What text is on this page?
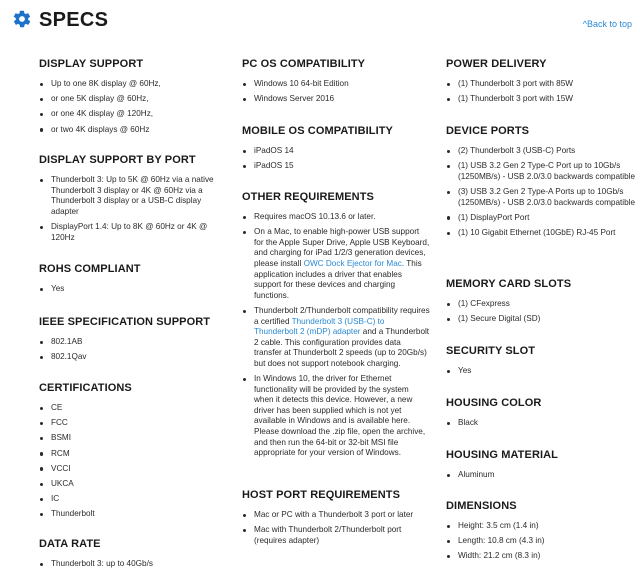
SPECS	^Back to top
DISPLAY SUPPORT
Up to one 8K display @ 60Hz,
or one 5K display @ 60Hz,
or one 4K display @ 120Hz,
or two 4K displays @ 60Hz
DISPLAY SUPPORT BY PORT
Thunderbolt 3: Up to 5K @ 60Hz via a native Thunderbolt 3 display or 4K @ 60Hz via a Thunderbolt 3 display or a USB-C display adapter
DisplayPort 1.4: Up to 8K @ 60Hz or 4K @ 120Hz
ROHS COMPLIANT
Yes
IEEE SPECIFICATION SUPPORT
802.1AB
802.1Qav
CERTIFICATIONS
CE
FCC
BSMI
RCM
VCCI
UKCA
IC
Thunderbolt
DATA RATE
Thunderbolt 3: up to 40Gb/s
PC OS COMPATIBILITY
Windows 10 64-bit Edition
Windows Server 2016
MOBILE OS COMPATIBILITY
iPadOS 14
iPadOS 15
OTHER REQUIREMENTS
Requires macOS 10.13.6 or later.
On a Mac, to enable high-power USB support for the Apple Super Drive, Apple USB Keyboard, and charging for iPad 1/2/3 generation devices, please install OWC Dock Ejector for Mac. This application includes a driver that enables support for these devices and charging functions.
Thunderbolt 2/Thunderbolt compatibility requires a certified Thunderbolt 3 (USB-C) to Thunderbolt 2 (mDP) adapter and a Thunderbolt 2 cable. This configuration provides data transfer at Thunderbolt 2 speeds (up to 20Gb/s) but does not support notebook charging.
In Windows 10, the driver for Ethernet functionality will be provided by the system when it detects this device. However, a new driver has been supplied which is not yet available in Windows and is available here. Please download the .zip file, open the archive, and then run the 64-bit or 32-bit MSI file appropriate for your version of Windows.
HOST PORT REQUIREMENTS
Mac or PC with a Thunderbolt 3 port or later
Mac with Thunderbolt 2/Thunderbolt port (requires adapter)
POWER DELIVERY
(1) Thunderbolt 3 port with 85W
(1) Thunderbolt 3 port with 15W
DEVICE PORTS
(2) Thunderbolt 3 (USB-C) Ports
(1) USB 3.2 Gen 2 Type-C Port up to 10Gb/s (1250MB/s) - USB 2.0/3.0 backwards compatible
(3) USB 3.2 Gen 2 Type-A Ports up to 10Gb/s (1250MB/s) - USB 2.0/3.0 backwards compatible
(1) DisplayPort Port
(1) 10 Gigabit Ethernet (10GbE) RJ-45 Port
MEMORY CARD SLOTS
(1) CFexpress
(1) Secure Digital (SD)
SECURITY SLOT
Yes
HOUSING COLOR
Black
HOUSING MATERIAL
Aluminum
DIMENSIONS
Height: 3.5 cm (1.4 in)
Length: 10.8 cm (4.3 in)
Width: 21.2 cm (8.3 in)
